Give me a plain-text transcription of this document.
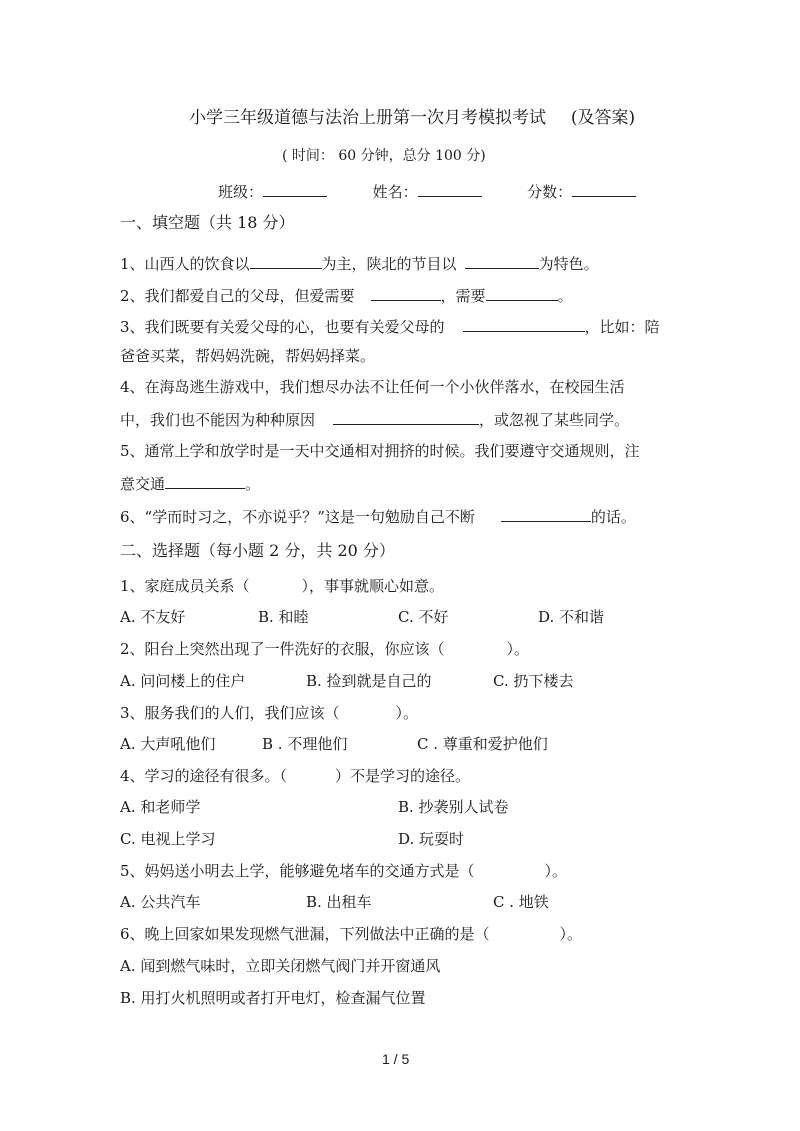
小学三年级道德与法治上册第一次月考模拟考试 (及答案)
( 时间： 60 分钟，总分 100 分)
班级：	姓名：	分数：
一、填空题（共 18 分）
1、山西人的饮食以	为主，陕北的节目以	为特色。
2、我们都爱自己的父母，但爱需要	，需要	。
3、我们既要有关爱父母的心，也要有关爱父母的	，比如：陪
爸爸买菜，帮妈妈洗碗，帮妈妈择菜。
4、在海岛逃生游戏中，我们想尽办法不让任何一个小伙伴落水，在校园生活
中，我们也不能因为种种原因	，或忽视了某些同学。
5、通常上学和放学时是一天中交通相对拥挤的时候。我们要遵守交通规则，注
意交通	。
6、“学而时习之，不亦说乎？”这是一句勉励自己不断	的话。
二、选择题（每小题 2 分，共 20 分）
1、家庭成员关系（	），事事就顺心如意。
A. 不友好	B. 和睦	C. 不好	D. 不和谐
2、阳台上突然出现了一件洗好的衣服，你应该（	）。
A. 问问楼上的住户	B. 捡到就是自己的	C. 扔下楼去
3、服务我们的人们，我们应该（	）。
A. 大声吼他们	B . 不理他们	C . 尊重和爱护他们
4、学习的途径有很多。（	）不是学习的途径。
A. 和老师学	B. 抄袭别人试卷
C. 电视上学习	D. 玩耍时
5、妈妈送小明去上学，能够避免堵车的交通方式是（	）。
A. 公共汽车	B. 出租车	C . 地铁
6、晚上回家如果发现燃气泄漏，下列做法中正确的是（	）。
A. 闻到燃气味时，立即关闭燃气阀门并开窗通风
B. 用打火机照明或者打开电灯，检查漏气位置
1 / 5
